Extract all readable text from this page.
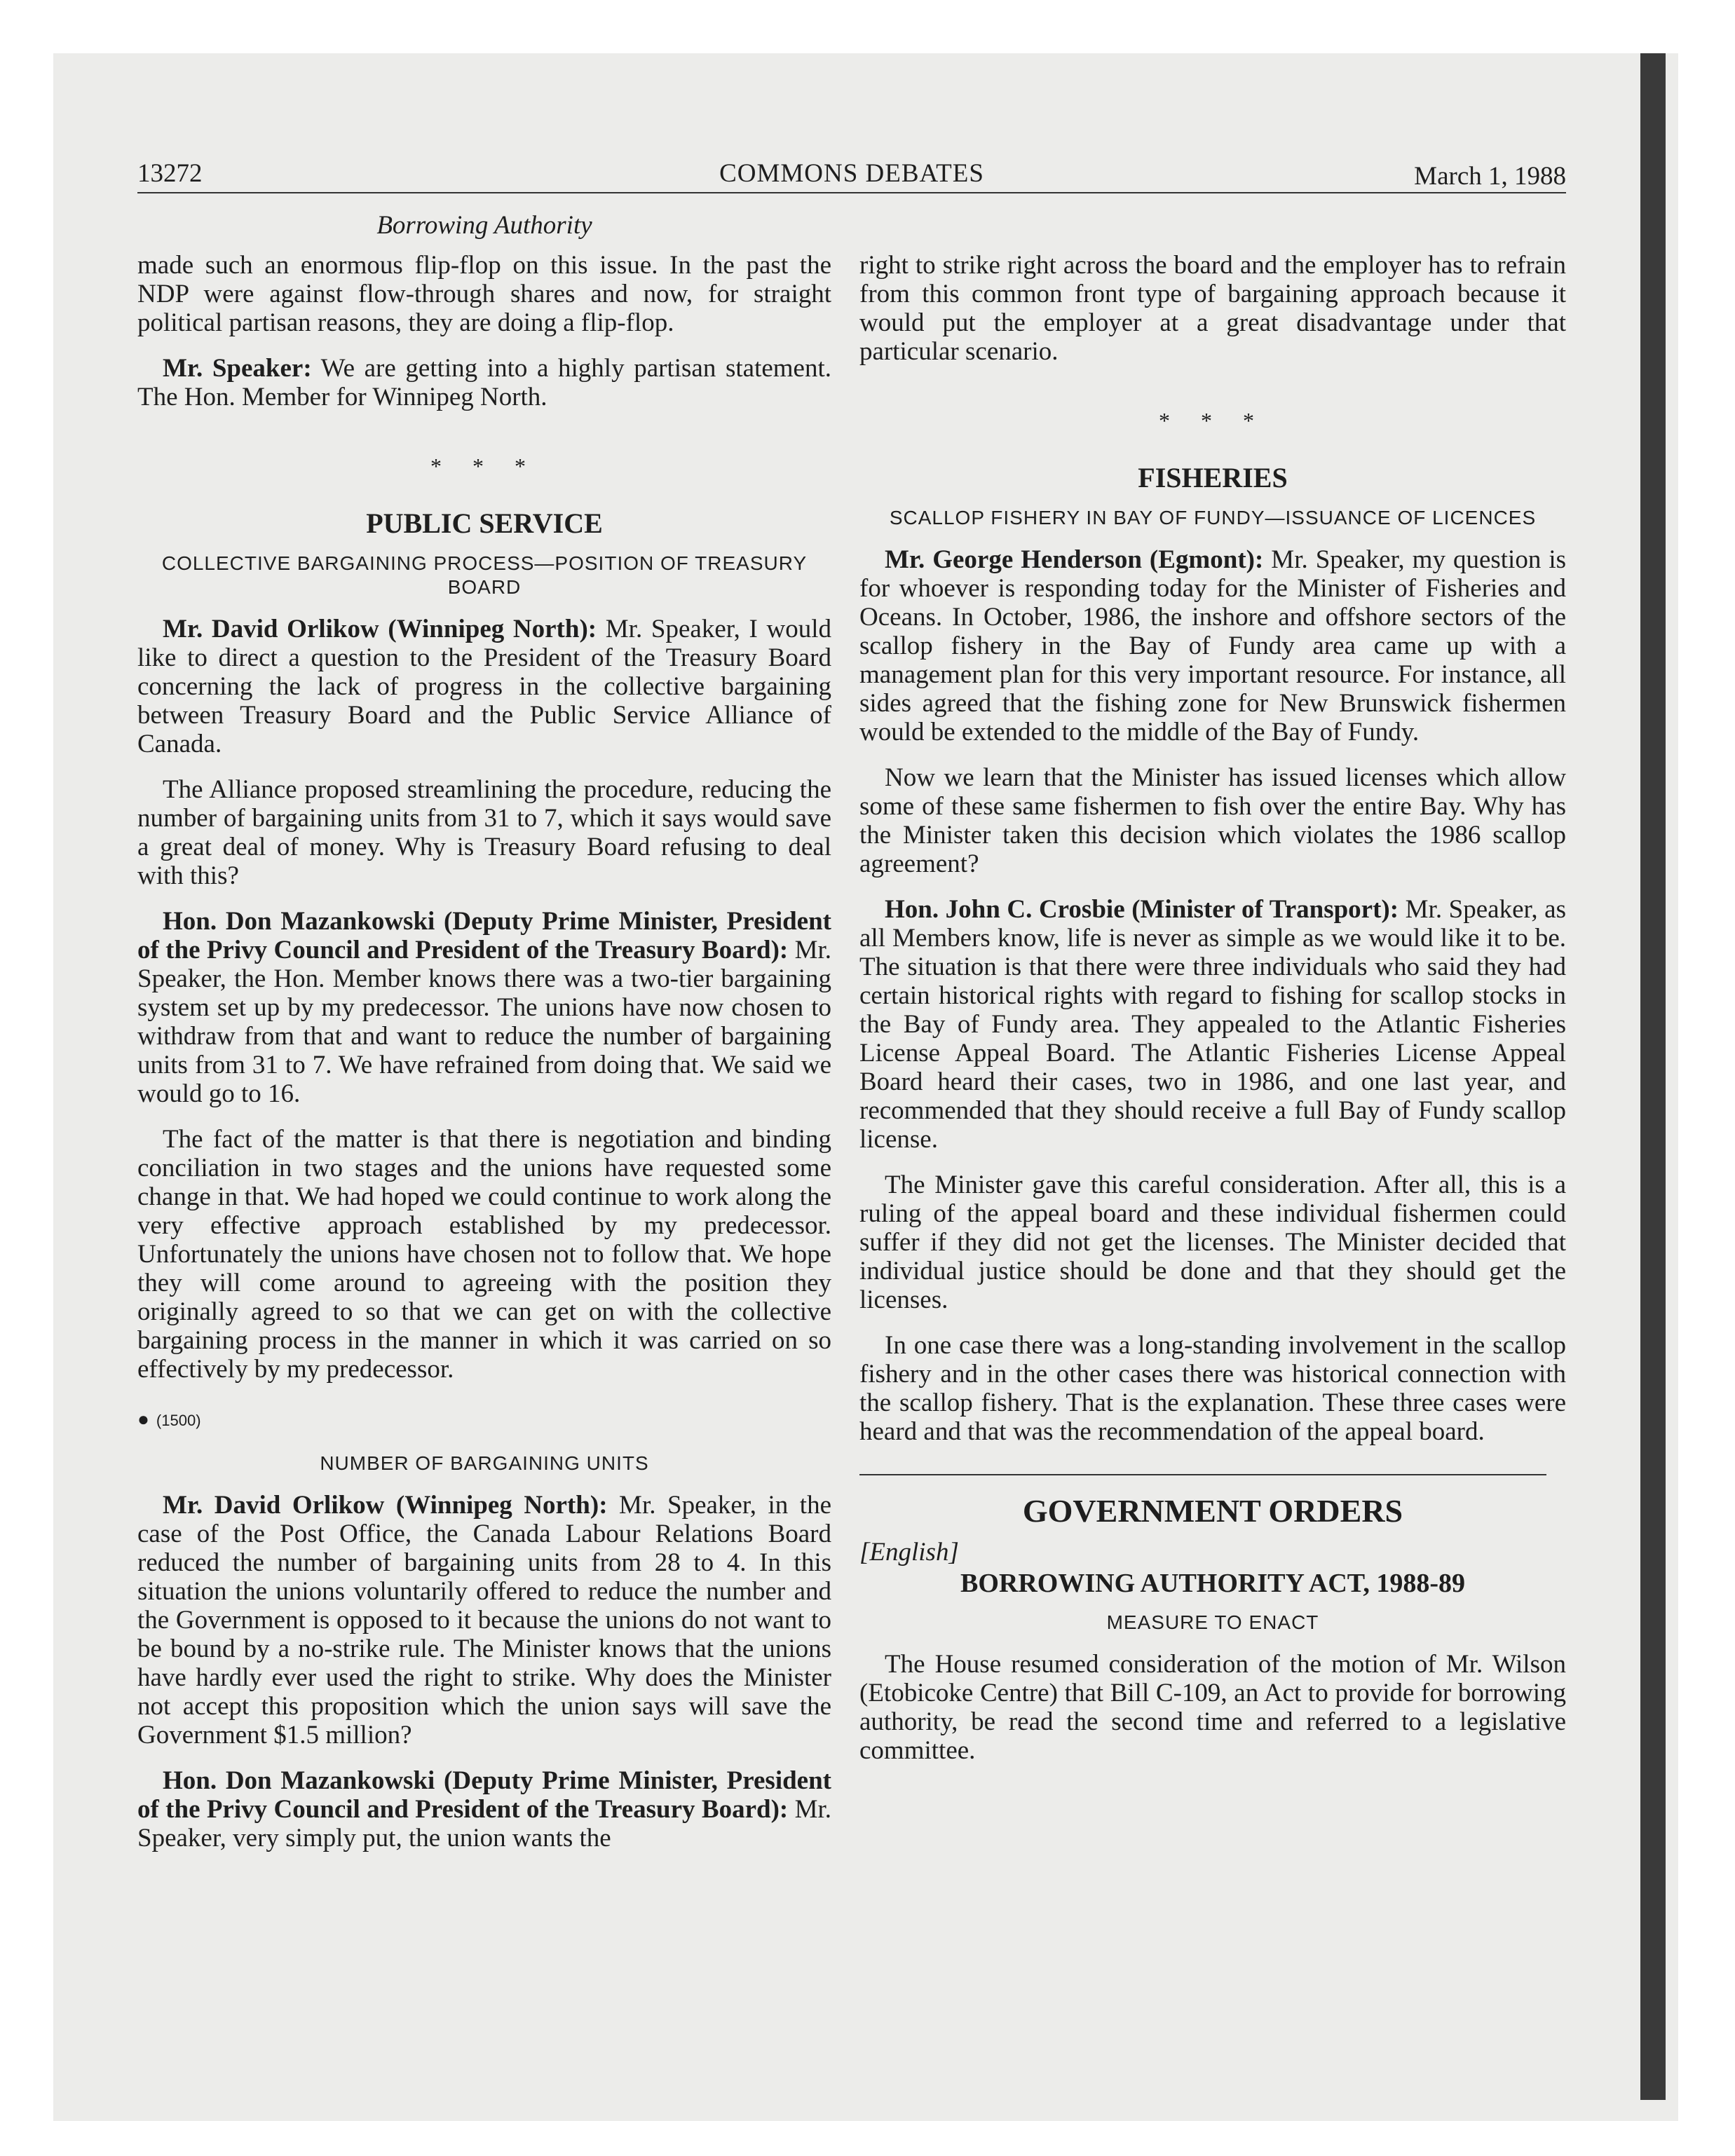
13272	COMMONS DEBATES	March 1, 1988
Borrowing Authority

made such an enormous flip-flop on this issue. In the past the NDP were against flow-through shares and now, for straight political partisan reasons, they are doing a flip-flop.

Mr. Speaker: We are getting into a highly partisan statement. The Hon. Member for Winnipeg North.

* * *
PUBLIC SERVICE
COLLECTIVE BARGAINING PROCESS—POSITION OF TREASURY BOARD

Mr. David Orlikow (Winnipeg North): Mr. Speaker, I would like to direct a question to the President of the Treasury Board concerning the lack of progress in the collective bargaining between Treasury Board and the Public Service Alliance of Canada.

The Alliance proposed streamlining the procedure, reducing the number of bargaining units from 31 to 7, which it says would save a great deal of money. Why is Treasury Board refusing to deal with this?

Hon. Don Mazankowski (Deputy Prime Minister, President of the Privy Council and President of the Treasury Board): Mr. Speaker, the Hon. Member knows there was a two-tier bargaining system set up by my predecessor. The unions have now chosen to withdraw from that and want to reduce the number of bargaining units from 31 to 7. We have refrained from doing that. We said we would go to 16.

The fact of the matter is that there is negotiation and binding conciliation in two stages and the unions have requested some change in that. We had hoped we could continue to work along the very effective approach established by my predecessor. Unfortunately the unions have chosen not to follow that. We hope they will come around to agreeing with the position they originally agreed to so that we can get on with the collective bargaining process in the manner in which it was carried on so effectively by my predecessor.

● (1500)
NUMBER OF BARGAINING UNITS

Mr. David Orlikow (Winnipeg North): Mr. Speaker, in the case of the Post Office, the Canada Labour Relations Board reduced the number of bargaining units from 28 to 4. In this situation the unions voluntarily offered to reduce the number and the Government is opposed to it because the unions do not want to be bound by a no-strike rule. The Minister knows that the unions have hardly ever used the right to strike. Why does the Minister not accept this proposition which the union says will save the Government $1.5 million?

Hon. Don Mazankowski (Deputy Prime Minister, President of the Privy Council and President of the Treasury Board): Mr. Speaker, very simply put, the union wants the

right to strike right across the board and the employer has to refrain from this common front type of bargaining approach because it would put the employer at a great disadvantage under that particular scenario.

* * *
FISHERIES
SCALLOP FISHERY IN BAY OF FUNDY—ISSUANCE OF LICENCES

Mr. George Henderson (Egmont): Mr. Speaker, my question is for whoever is responding today for the Minister of Fisheries and Oceans. In October, 1986, the inshore and offshore sectors of the scallop fishery in the Bay of Fundy area came up with a management plan for this very important resource. For instance, all sides agreed that the fishing zone for New Brunswick fishermen would be extended to the middle of the Bay of Fundy.

Now we learn that the Minister has issued licenses which allow some of these same fishermen to fish over the entire Bay. Why has the Minister taken this decision which violates the 1986 scallop agreement?

Hon. John C. Crosbie (Minister of Transport): Mr. Speaker, as all Members know, life is never as simple as we would like it to be. The situation is that there were three individuals who said they had certain historical rights with regard to fishing for scallop stocks in the Bay of Fundy area. They appealed to the Atlantic Fisheries License Appeal Board. The Atlantic Fisheries License Appeal Board heard their cases, two in 1986, and one last year, and recommended that they should receive a full Bay of Fundy scallop license.

The Minister gave this careful consideration. After all, this is a ruling of the appeal board and these individual fishermen could suffer if they did not get the licenses. The Minister decided that individual justice should be done and that they should get the licenses.

In one case there was a long-standing involvement in the scallop fishery and in the other cases there was historical connection with the scallop fishery. That is the explanation. These three cases were heard and that was the recommendation of the appeal board.

GOVERNMENT ORDERS
[English]
BORROWING AUTHORITY ACT, 1988-89
MEASURE TO ENACT

The House resumed consideration of the motion of Mr. Wilson (Etobicoke Centre) that Bill C-109, an Act to provide for borrowing authority, be read the second time and referred to a legislative committee.
